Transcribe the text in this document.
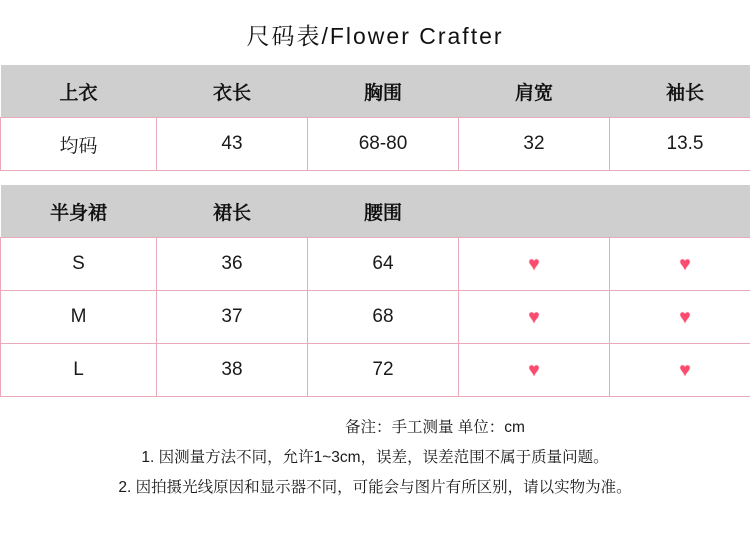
尺码表/Flower Crafter
上衣	衣长	胸围	肩宽	袖长
均码	43	68-80	32	13.5
半身裙	裙长	腰围		
S	36	64	♥	♥
M	37	68	♥	♥
L	38	72	♥	♥
备注：手工测量 单位：cm
1. 因测量方法不同，允许1~3cm，误差，误差范围不属于质量问题。
2. 因拍摄光线原因和显示器不同，可能会与图片有所区别，请以实物为准。
